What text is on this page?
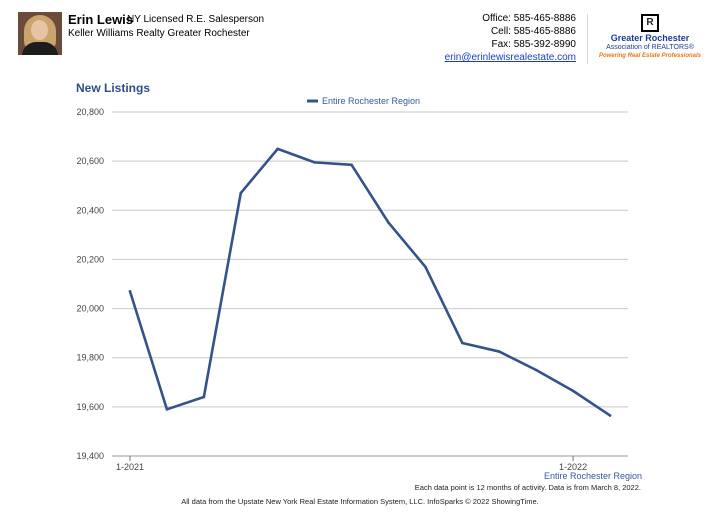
Erin Lewis
NY Licensed R.E. Salesperson
Keller Williams Realty Greater Rochester
Office: 585-465-8886
Cell: 585-465-8886
Fax: 585-392-8990
erin@erinlewisrealestate.com
R
Greater Rochester
Association of REALTORS®
Powering Real Estate Professionals
New Listings
19,400
19,600
19,800
20,000
20,200
20,400
20,600
20,800
1-2021	1-2022
Entire Rochester Region
Entire Rochester Region
Each data point is 12 months of activity. Data is from March 8, 2022.
All data from the Upstate New York Real Estate Information System, LLC. InfoSparks © 2022 ShowingTime.
